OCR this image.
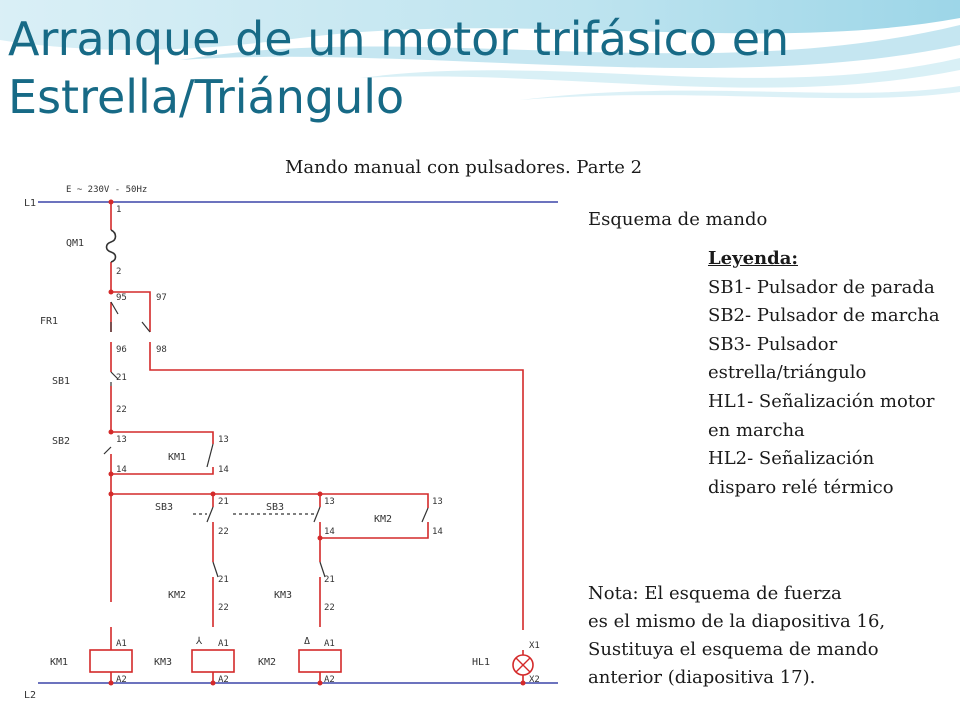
Arranque de un motor trifásico en Estrella/Triángulo
Mando manual con pulsadores. Parte 2
L1
L2
E ~ 230V - 50Hz
QM1
FR1
SB1
SB2
KM1
SB3	SB3
KM2
KM2	KM3
KM1	KM3	KM2	HL1
⅄	Δ
1
2
95
96
97
98
21
22
13
14
13
14
21
22
13
14
13
14
21
22
21
22
A1
A2
A1
A2
A1
A2
X1
X2
Esquema de mando
Leyenda:
SB1- Pulsador de parada
SB2- Pulsador de marcha
SB3- Pulsador estrella/triángulo
HL1- Señalización motor en marcha
HL2- Señalización disparo relé térmico
Nota: El esquema de fuerza
es el mismo de la diapositiva 16,
Sustituya el esquema de mando
anterior (diapositiva 17).
